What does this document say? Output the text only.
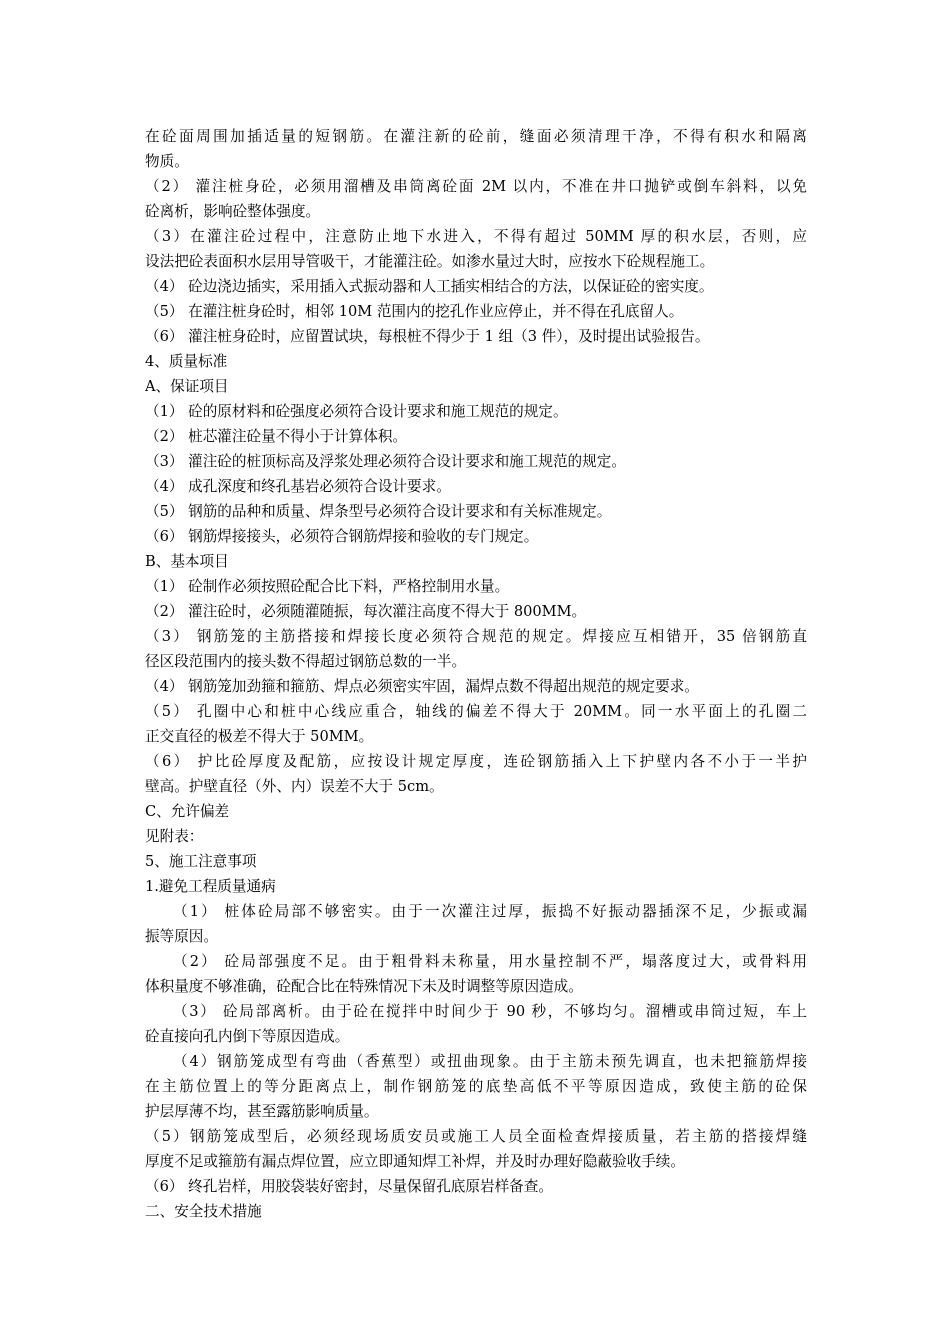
在砼面周围加插适量的短钢筋。在灌注新的砼前，缝面必须清理干净，不得有积水和隔离
物质。
（2） 灌注桩身砼，必须用溜槽及串筒离砼面 2M 以内，不准在井口抛铲或倒车斜料，以免
砼离析，影响砼整体强度。
（3）在灌注砼过程中，注意防止地下水进入，不得有超过 50MM 厚的积水层，否则，应
设法把砼表面积水层用导管吸干，才能灌注砼。如渗水量过大时，应按水下砼规程施工。
（4） 砼边浇边插实，采用插入式振动器和人工插实相结合的方法，以保证砼的密实度。
（5） 在灌注桩身砼时，相邻 10M 范围内的挖孔作业应停止，并不得在孔底留人。
（6） 灌注桩身砼时，应留置试块，每根桩不得少于 1 组（3 件），及时提出试验报告。
4、质量标准
A、保证项目
（1） 砼的原材料和砼强度必须符合设计要求和施工规范的规定。
（2） 桩芯灌注砼量不得小于计算体积。
（3） 灌注砼的桩顶标高及浮浆处理必须符合设计要求和施工规范的规定。
（4） 成孔深度和终孔基岩必须符合设计要求。
（5） 钢筋的品种和质量、焊条型号必须符合设计要求和有关标准规定。
（6） 钢筋焊接接头，必须符合钢筋焊接和验收的专门规定。
B、基本项目
（1） 砼制作必须按照砼配合比下料，严格控制用水量。
（2） 灌注砼时，必须随灌随振，每次灌注高度不得大于 800MM。
（3） 钢筋笼的主筋搭接和焊接长度必须符合规范的规定。焊接应互相错开，35 倍钢筋直
径区段范围内的接头数不得超过钢筋总数的一半。
（4） 钢筋笼加劲箍和箍筋、焊点必须密实牢固，漏焊点数不得超出规范的规定要求。
（5） 孔圈中心和桩中心线应重合，轴线的偏差不得大于 20MM。同一水平面上的孔圈二
正交直径的极差不得大于 50MM。
（6） 护比砼厚度及配筋，应按设计规定厚度，连砼钢筋插入上下护壁内各不小于一半护
壁高。护壁直径（外、内）误差不大于 5cm。
C、允许偏差
见附表：
5、施工注意事项
1.避免工程质量通病
（1） 桩体砼局部不够密实。由于一次灌注过厚，振捣不好振动器插深不足，少振或漏
振等原因。
（2） 砼局部强度不足。由于粗骨料未称量，用水量控制不严，塌落度过大，或骨料用
体积量度不够准确，砼配合比在特殊情况下未及时调整等原因造成。
（3） 砼局部离析。由于砼在搅拌中时间少于 90 秒，不够均匀。溜槽或串筒过短，车上
砼直接向孔内倒下等原因造成。
（4）钢筋笼成型有弯曲（香蕉型）或扭曲现象。由于主筋未预先调直，也未把箍筋焊接
在主筋位置上的等分距离点上，制作钢筋笼的底垫高低不平等原因造成，致使主筋的砼保
护层厚薄不均，甚至露筋影响质量。
（5）钢筋笼成型后，必须经现场质安员或施工人员全面检查焊接质量，若主筋的搭接焊缝
厚度不足或箍筋有漏点焊位置，应立即通知焊工补焊，并及时办理好隐蔽验收手续。
（6） 终孔岩样，用胶袋装好密封，尽量保留孔底原岩样备查。
二、安全技术措施
